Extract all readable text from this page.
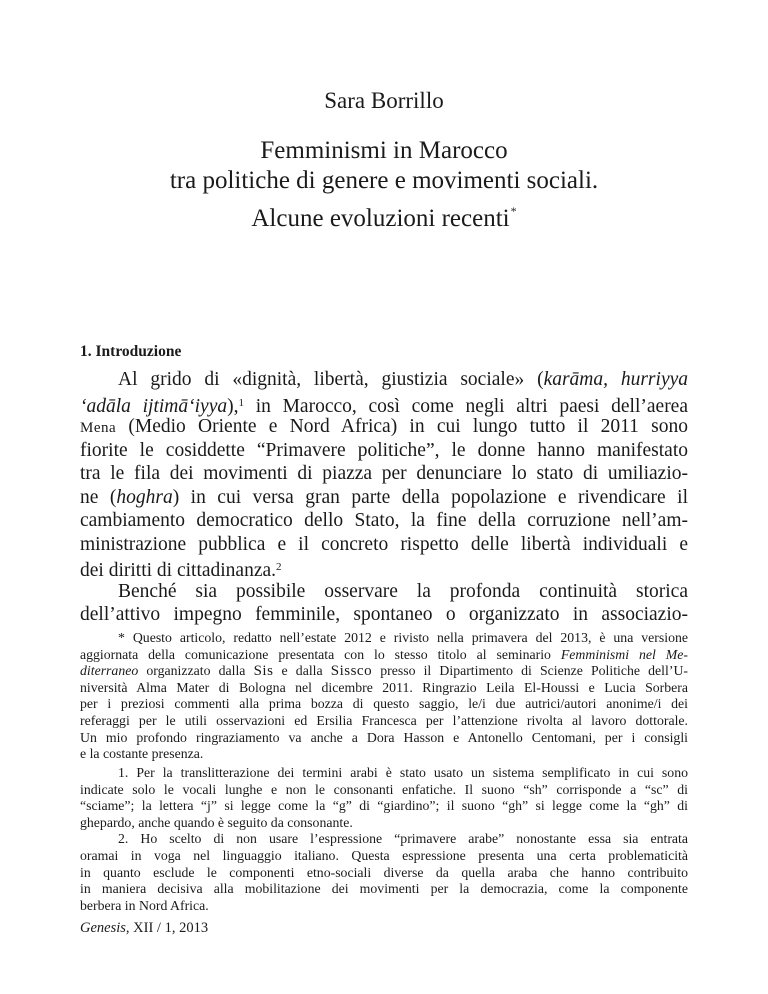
Sara Borrillo
Femminismi in Marocco
tra politiche di genere e movimenti sociali.
Alcune evoluzioni recenti*
1. Introduzione
Al grido di «dignità, libertà, giustizia sociale» (karāma, hurriyya
‘adāla ijtimā‘iyya),$^1$ in Marocco, così come negli altri paesi dell’aerea
Mena (Medio Oriente e Nord Africa) in cui lungo tutto il 2011 sono
fiorite le cosiddette “Primavere politiche”, le donne hanno manifestato
tra le fila dei movimenti di piazza per denunciare lo stato di umiliazio-
ne (hoghra) in cui versa gran parte della popolazione e rivendicare il
cambiamento democratico dello Stato, la fine della corruzione nell’am-
ministrazione pubblica e il concreto rispetto delle libertà individuali e
dei diritti di cittadinanza.$^2$
Benché sia possibile osservare la profonda continuità storica
dell’attivo impegno femminile, spontaneo o organizzato in associazio-
* Questo articolo, redatto nell’estate 2012 e rivisto nella primavera del 2013, è una versione
aggiornata della comunicazione presentata con lo stesso titolo al seminario Femminismi nel Me-
diterraneo organizzato dalla Sis e dalla Sissco presso il Dipartimento di Scienze Politiche dell’U-
niversità Alma Mater di Bologna nel dicembre 2011. Ringrazio Leila El-Houssi e Lucia Sorbera
per i preziosi commenti alla prima bozza di questo saggio, le/i due autrici/autori anonime/i dei
referaggi per le utili osservazioni ed Ersilia Francesca per l’attenzione rivolta al lavoro dottorale.
Un mio profondo ringraziamento va anche a Dora Hasson e Antonello Centomani, per i consigli
e la costante presenza.
1. Per la translitterazione dei termini arabi è stato usato un sistema semplificato in cui sono
indicate solo le vocali lunghe e non le consonanti enfatiche. Il suono “sh” corrisponde a “sc” di
“sciame”; la lettera “j” si legge come la “g” di “giardino”; il suono “gh” si legge come la “gh” di
ghepardo, anche quando è seguito da consonante.
2. Ho scelto di non usare l’espressione “primavere arabe” nonostante essa sia entrata
oramai in voga nel linguaggio italiano. Questa espressione presenta una certa problematicità
in quanto esclude le componenti etno-sociali diverse da quella araba che hanno contribuito
in maniera decisiva alla mobilitazione dei movimenti per la democrazia, come la componente
berbera in Nord Africa.
Genesis, XII / 1, 2013
